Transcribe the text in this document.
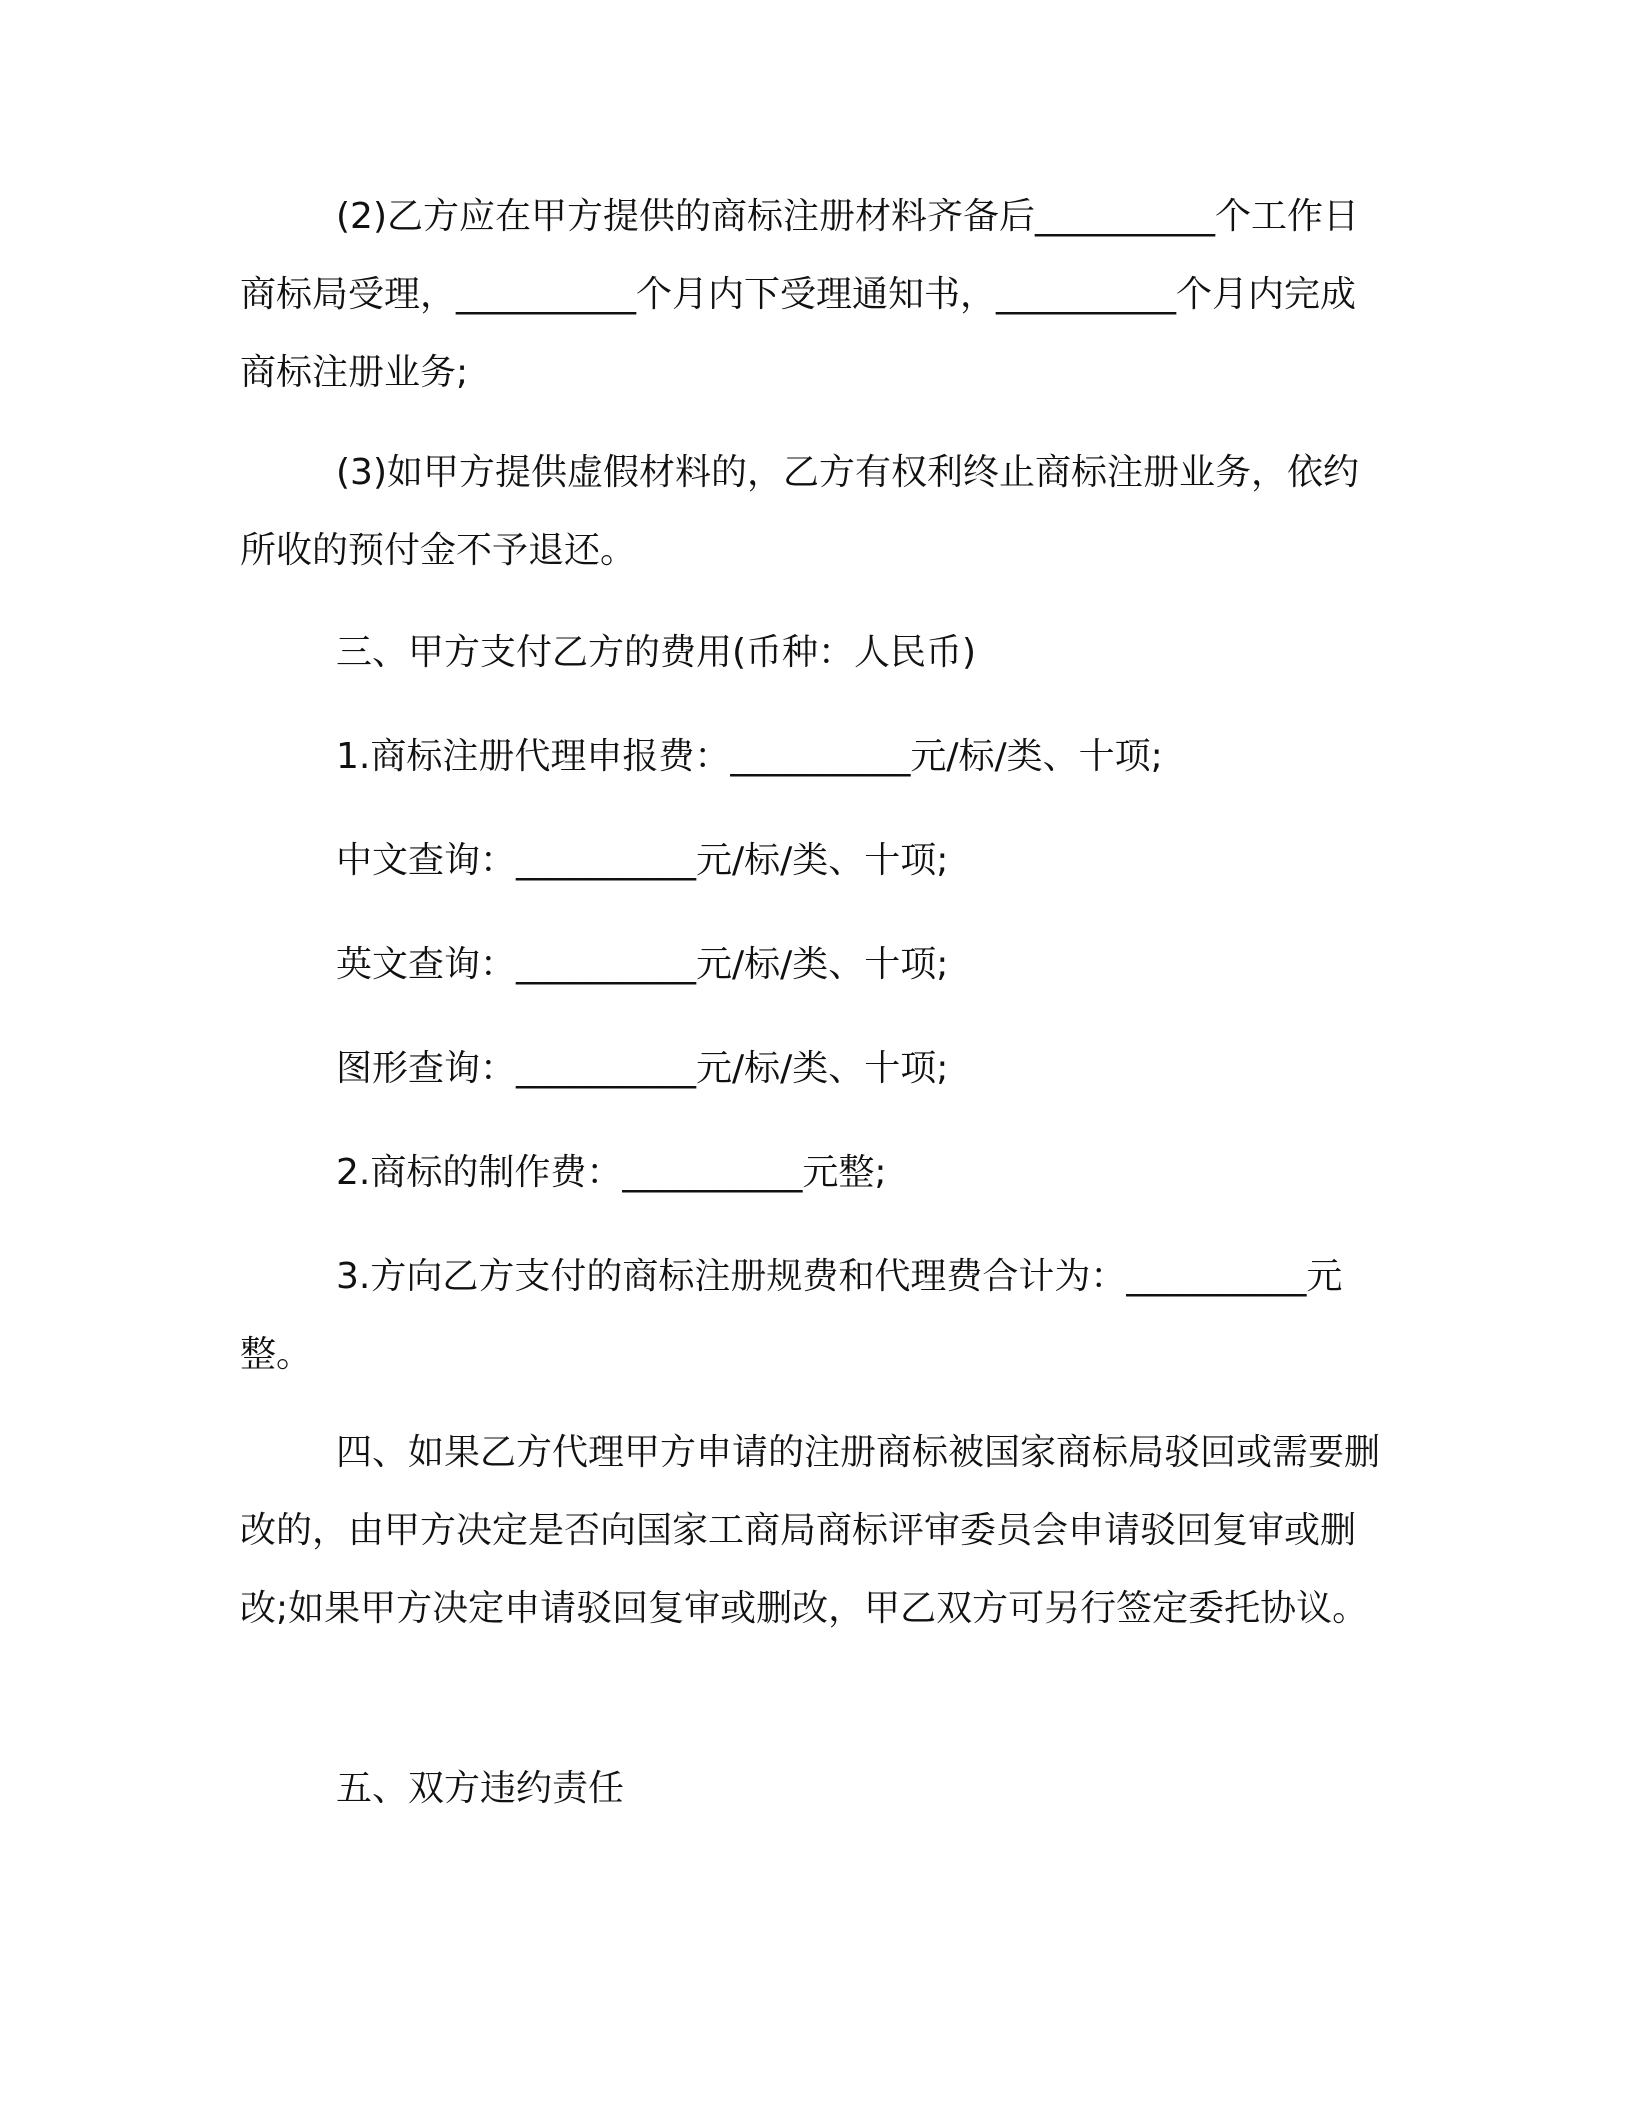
(2)乙方应在甲方提供的商标注册材料齐备后__________个工作日商标局受理，__________个月内下受理通知书，__________个月内完成商标注册业务;

(3)如甲方提供虚假材料的，乙方有权利终止商标注册业务，依约所收的预付金不予退还。

三、甲方支付乙方的费用(币种：人民币)

1.商标注册代理申报费：__________元/标/类、十项;

中文查询：__________元/标/类、十项;

英文查询：__________元/标/类、十项;

图形查询：__________元/标/类、十项;

2.商标的制作费：__________元整;

3.方向乙方支付的商标注册规费和代理费合计为：__________元整。

四、如果乙方代理甲方申请的注册商标被国家商标局驳回或需要删改的，由甲方决定是否向国家工商局商标评审委员会申请驳回复审或删改;如果甲方决定申请驳回复审或删改，甲乙双方可另行签定委托协议。

五、双方违约责任
